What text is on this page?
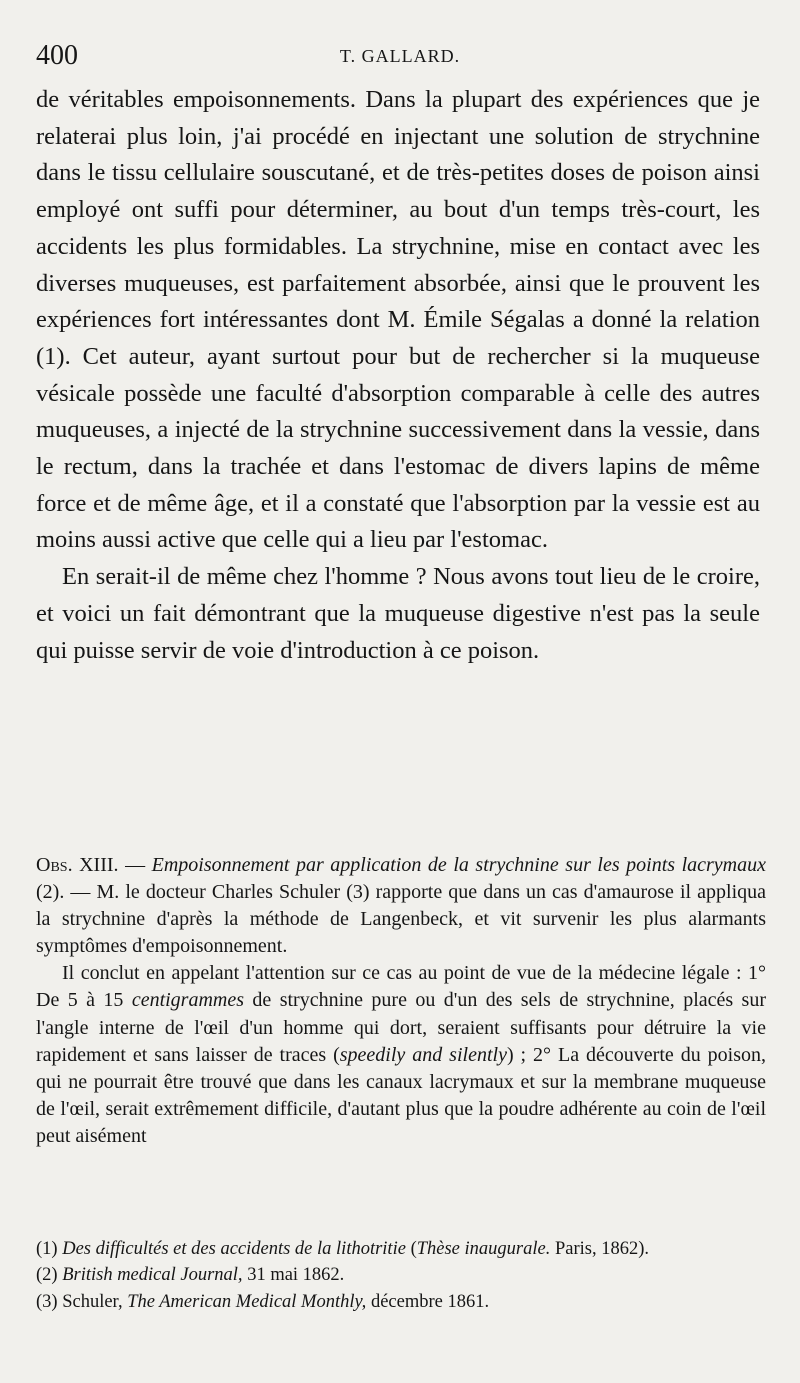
400	T. GALLARD.

de véritables empoisonnements. Dans la plupart des expériences que je relaterai plus loin, j'ai procédé en injectant une solution de strychnine dans le tissu cellulaire souscutané, et de très-petites doses de poison ainsi employé ont suffi pour déterminer, au bout d'un temps très-court, les accidents les plus formidables. La strychnine, mise en contact avec les diverses muqueuses, est parfaitement absorbée, ainsi que le prouvent les expériences fort intéressantes dont M. Émile Ségalas a donné la relation (1). Cet auteur, ayant surtout pour but de rechercher si la muqueuse vésicale possède une faculté d'absorption comparable à celle des autres muqueuses, a injecté de la strychnine successivement dans la vessie, dans le rectum, dans la trachée et dans l'estomac de divers lapins de même force et de même âge, et il a constaté que l'absorption par la vessie est au moins aussi active que celle qui a lieu par l'estomac.

En serait-il de même chez l'homme ? Nous avons tout lieu de le croire, et voici un fait démontrant que la muqueuse digestive n'est pas la seule qui puisse servir de voie d'introduction à ce poison.

Obs. XIII. — Empoisonnement par application de la strychnine sur les points lacrymaux (2). — M. le docteur Charles Schuler (3) rapporte que dans un cas d'amaurose il appliqua la strychnine d'après la méthode de Langenbeck, et vit survenir les plus alarmants symptômes d'empoisonnement.

Il conclut en appelant l'attention sur ce cas au point de vue de la médecine légale : 1° De 5 à 15 centigrammes de strychnine pure ou d'un des sels de strychnine, placés sur l'angle interne de l'œil d'un homme qui dort, seraient suffisants pour détruire la vie rapidement et sans laisser de traces (speedily and silently) ; 2° La découverte du poison, qui ne pourrait être trouvé que dans les canaux lacrymaux et sur la membrane muqueuse de l'œil, serait extrêmement difficile, d'autant plus que la poudre adhérente au coin de l'œil peut aisément

(1) Des difficultés et des accidents de la lithotritie (Thèse inaugurale. Paris, 1862).

(2) British medical Journal, 31 mai 1862.

(3) Schuler, The American Medical Monthly, décembre 1861.
